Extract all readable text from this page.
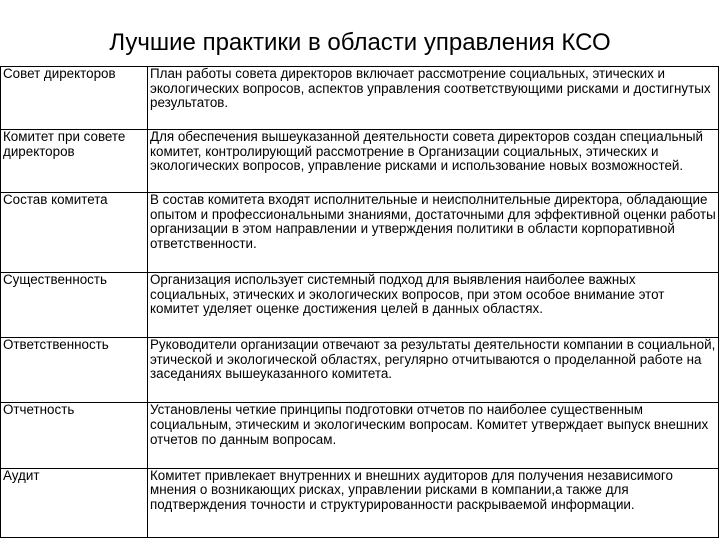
Лучшие практики в области управления КСО
Совет директоров	План работы совета директоров включает рассмотрение социальных, этических и экологических вопросов, аспектов управления соответствующими рисками и достигнутых результатов.
Комитет при совете директоров	Для обеспечения вышеуказанной деятельности совета директоров создан специальный комитет, контролирующий рассмотрение в Организации социальных, этических и экологических вопросов, управление рисками и использование новых возможностей.
Состав комитета	В состав комитета входят исполнительные и неисполнительные директора, обладающие опытом и профессиональными знаниями, достаточными для эффективной оценки работы организации в этом направлении и утверждения политики в области корпоративной ответственности.
Существенность	Организация использует системный подход для выявления наиболее важных социальных, этических и экологических вопросов, при этом особое внимание этот комитет уделяет оценке достижения целей в данных областях.
Ответственность	Руководители организации отвечают за результаты деятельности компании в социальной, этической и экологической областях, регулярно отчитываются о проделанной работе на заседаниях вышеуказанного комитета.
Отчетность	Установлены четкие принципы подготовки отчетов по наиболее существенным социальным, этическим и экологическим вопросам. Комитет утверждает выпуск внешних отчетов по данным вопросам.
Аудит	Комитет привлекает внутренних и внешних аудиторов для получения независимого мнения о возникающих рисках, управлении рисками в компании,а также для подтверждения точности и структурированности раскрываемой информации.
